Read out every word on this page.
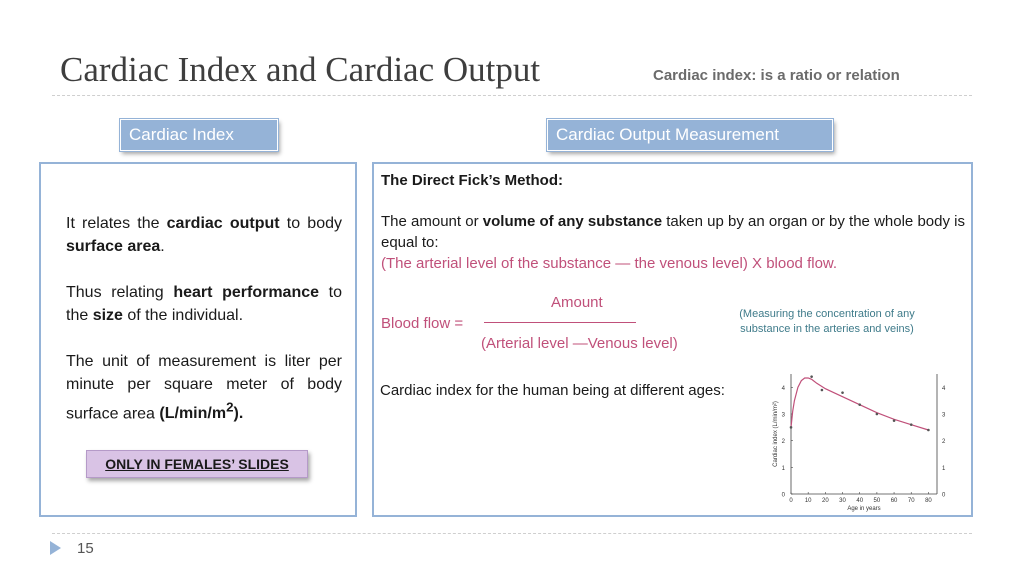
Cardiac Index and Cardiac Output	Cardiac index: is a ratio or relation
Cardiac Index	Cardiac Output Measurement
It relates the cardiac output to body surface area.
Thus relating heart performance to the size of the individual.
The unit of measurement is liter per minute per square meter of body surface area $(L/\min/m^2)$.
ONLY IN FEMALES’ SLIDES
The Direct Fick’s Method:
The amount or volume of any substance taken up by an organ or by the whole body is equal to:
(The arterial level of the substance — the venous level) X blood flow.
Amount
Blood flow =
(Arterial level —Venous level)
(Measuring the concentration of any substance in the arteries and veins)
Cardiac index for the human being at different ages:
0	0
1	1
2	2
3	3
4	4
0 10 20 30 40 50 60 70 80
Age in years
Cardiac index (L/min/m²)
15
